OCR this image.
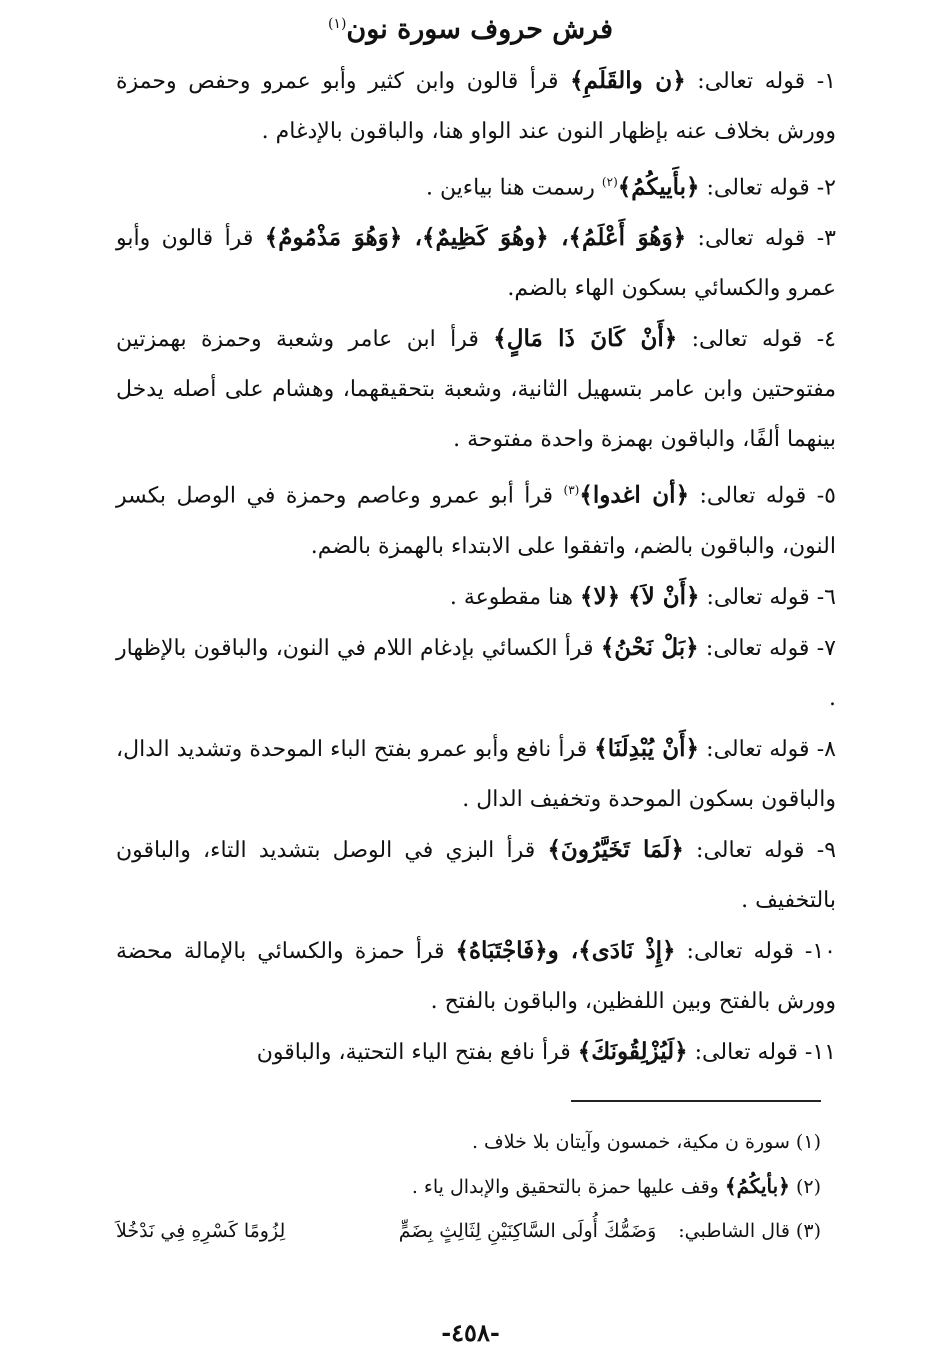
فرش حروف سورة نون$^{(١)}$

١- قوله تعالى: ﴿ن والقَلَمِ﴾ قرأ قالون وابن كثير وأبو عمرو وحفص وحمزة وورش بخلاف عنه بإظهار النون عند الواو هنا، والباقون بالإدغام .

٢- قوله تعالى: ﴿بأَييكُمُ﴾$^{(٢)}$ رسمت هنا بياءين .

٣- قوله تعالى: ﴿وَهُوَ أَعْلَمُ﴾، ﴿وهُوَ كَظِيمٌ﴾، ﴿وَهُوَ مَذْمُومٌ﴾ قرأ قالون وأبو عمرو والكسائي بسكون الهاء بالضم.

٤- قوله تعالى: ﴿أَنْ كَانَ ذَا مَالٍ﴾ قرأ ابن عامر وشعبة وحمزة بهمزتين مفتوحتين وابن عامر بتسهيل الثانية، وشعبة بتحقيقهما، وهشام على أصله يدخل بينهما ألفًا، والباقون بهمزة واحدة مفتوحة .

٥- قوله تعالى: ﴿أن اغدوا﴾$^{(٣)}$ قرأ أبو عمرو وعاصم وحمزة في الوصل بكسر النون، والباقون بالضم، واتفقوا على الابتداء بالهمزة بالضم.

٦- قوله تعالى: ﴿أَنْ لاَ﴾ ﴿لا﴾ هنا مقطوعة .

٧- قوله تعالى: ﴿بَلْ نَحْنُ﴾ قرأ الكسائي بإدغام اللام في النون، والباقون بالإظهار .

٨- قوله تعالى: ﴿أَنْ يُبْدِلَنَا﴾ قرأ نافع وأبو عمرو بفتح الباء الموحدة وتشديد الدال، والباقون بسكون الموحدة وتخفيف الدال .

٩- قوله تعالى: ﴿لَمَا تَخَيَّرُونَ﴾ قرأ البزي في الوصل بتشديد التاء، والباقون بالتخفيف .

١٠- قوله تعالى: ﴿إِذْ نَادَى﴾، و﴿فَاجْتَبَاهُ﴾ قرأ حمزة والكسائي بالإمالة محضة وورش بالفتح وبين اللفظين، والباقون بالفتح .

١١- قوله تعالى: ﴿لَيُزْلِقُونَكَ﴾ قرأ نافع بفتح الياء التحتية، والباقون

(١) سورة ن مكية، خمسون وآيتان بلا خلاف .

(٢) ﴿بأيكُمُ﴾ وقف عليها حمزة بالتحقيق والإبدال ياء .

(٣) قال الشاطبي:وَضَمُّكَ أُولَى السَّاكِنَيْنِ لِثَالِثٍ بِضَمٍّ
لِزُومًا كَسْرِهِ فِي نَدْخُلاَ

-٤٥٨-
